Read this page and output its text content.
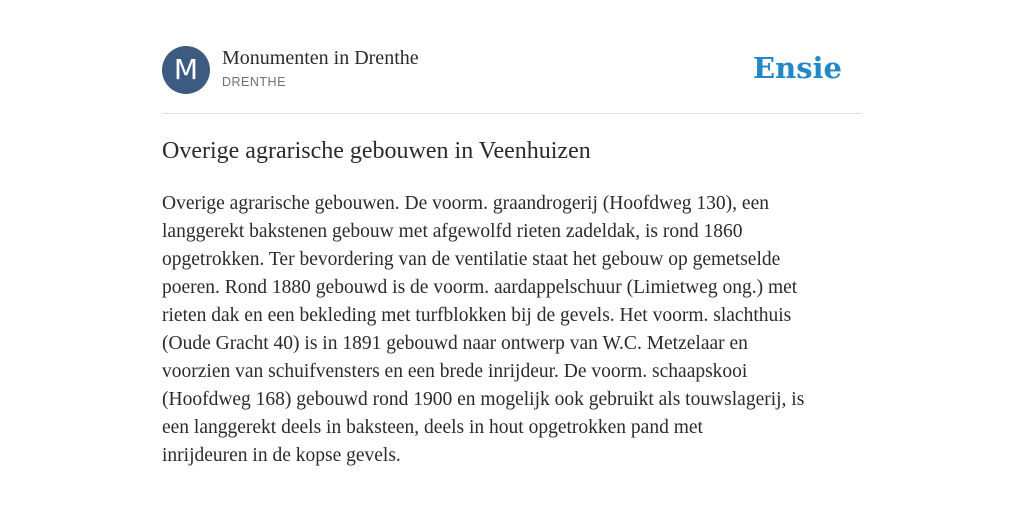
M	Monumenten in Drenthe
DRENTHE	Ensie
Overige agrarische gebouwen in Veenhuizen

Overige agrarische gebouwen. De voorm. graandrogerij (Hoofdweg 130), een
langgerekt bakstenen gebouw met afgewolfd rieten zadeldak, is rond 1860
opgetrokken. Ter bevordering van de ventilatie staat het gebouw op gemetselde
poeren. Rond 1880 gebouwd is de voorm. aardappelschuur (Limietweg ong.) met
rieten dak en een bekleding met turfblokken bij de gevels. Het voorm. slachthuis
(Oude Gracht 40) is in 1891 gebouwd naar ontwerp van W.C. Metzelaar en
voorzien van schuifvensters en een brede inrijdeur. De voorm. schaapskooi
(Hoofdweg 168) gebouwd rond 1900 en mogelijk ook gebruikt als touwslagerij, is
een langgerekt deels in baksteen, deels in hout opgetrokken pand met
inrijdeuren in de kopse gevels.
